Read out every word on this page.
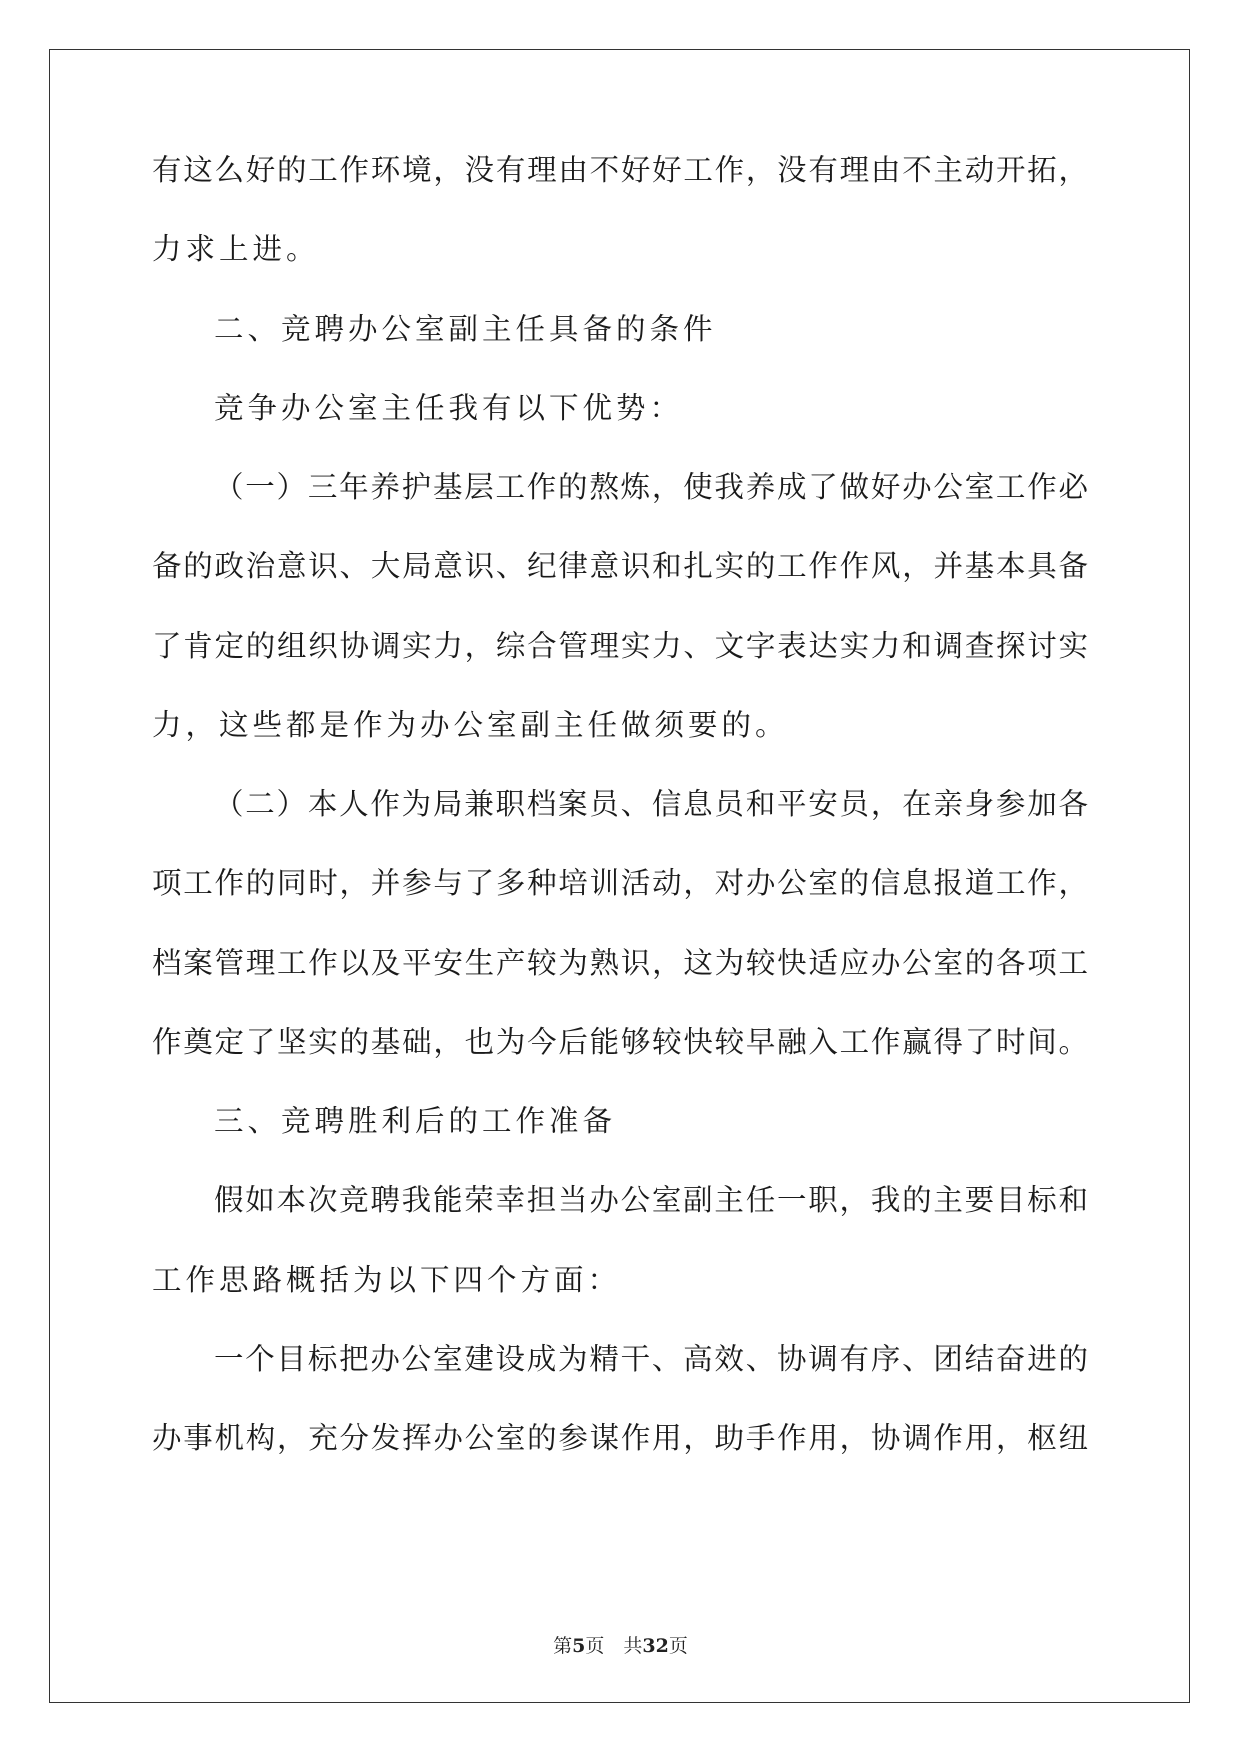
有这么好的工作环境，没有理由不好好工作，没有理由不主动开拓，
力求上进。
二、竞聘办公室副主任具备的条件
竞争办公室主任我有以下优势：
（一）三年养护基层工作的熬炼，使我养成了做好办公室工作必
备的政治意识、大局意识、纪律意识和扎实的工作作风，并基本具备
了肯定的组织协调实力，综合管理实力、文字表达实力和调查探讨实
力，这些都是作为办公室副主任做须要的。
（二）本人作为局兼职档案员、信息员和平安员，在亲身参加各
项工作的同时，并参与了多种培训活动，对办公室的信息报道工作，
档案管理工作以及平安生产较为熟识，这为较快适应办公室的各项工
作奠定了坚实的基础，也为今后能够较快较早融入工作赢得了时间。
三、竞聘胜利后的工作准备
假如本次竞聘我能荣幸担当办公室副主任一职，我的主要目标和
工作思路概括为以下四个方面：
一个目标把办公室建设成为精干、高效、协调有序、团结奋进的
办事机构，充分发挥办公室的参谋作用，助手作用，协调作用，枢纽
第5页　共32页
